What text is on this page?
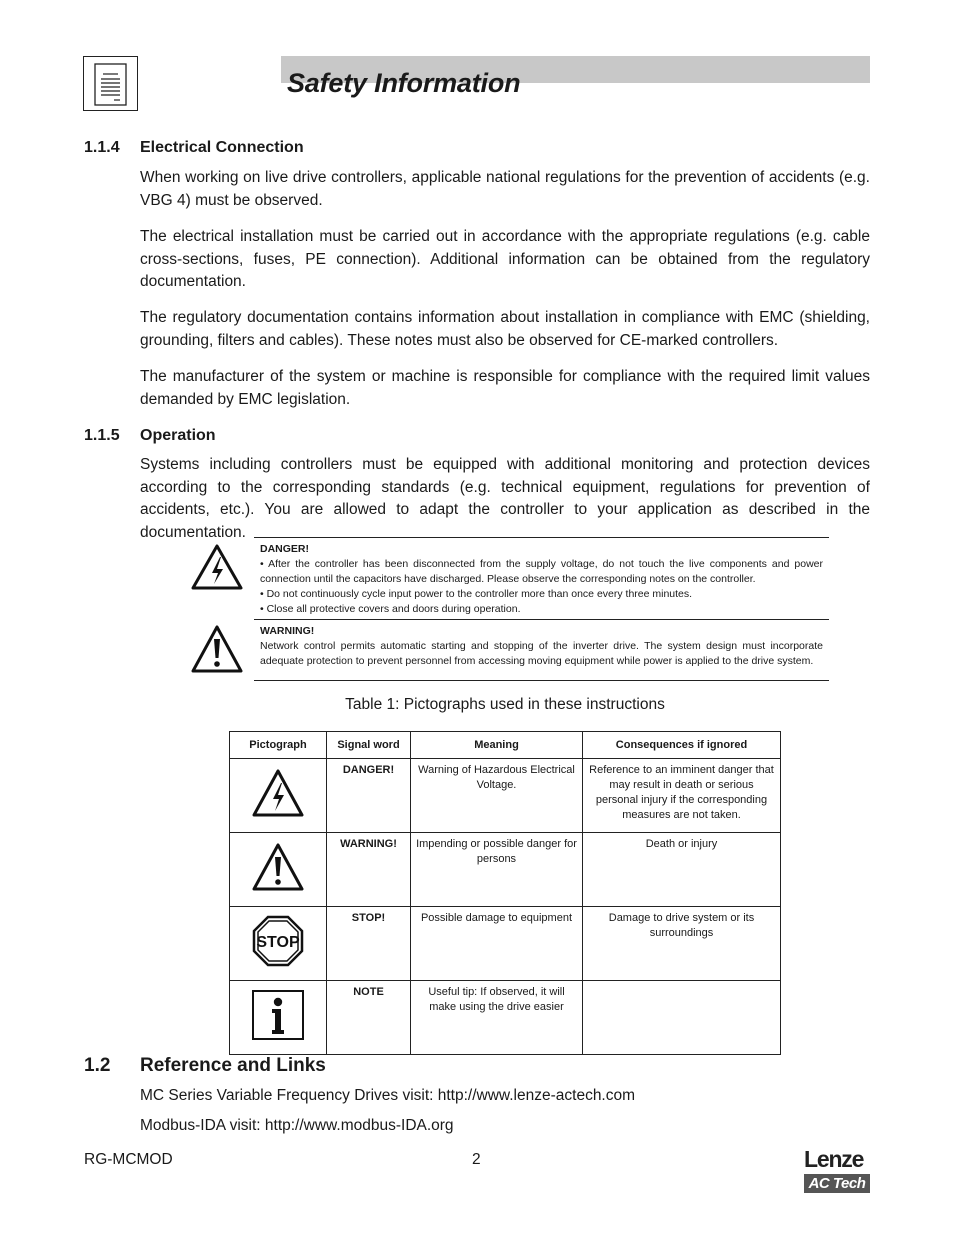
Safety Information
1.1.4 Electrical Connection
When working on live drive controllers, applicable national regulations for the prevention of accidents (e.g. VBG 4) must be observed.
The electrical installation must be carried out in accordance with the appropriate regulations (e.g. cable cross-sections, fuses, PE connection). Additional information can be obtained from the regulatory documentation.
The regulatory documentation contains information about installation in compliance with EMC (shielding, grounding, filters and cables). These notes must also be observed for CE-marked controllers.
The manufacturer of the system or machine is responsible for compliance with the required limit values demanded by EMC legislation.
1.1.5 Operation
Systems including controllers must be equipped with additional monitoring and protection devices according to the corresponding standards (e.g. technical equipment, regulations for prevention of accidents, etc.). You are allowed to adapt the controller to your application as described in the documentation.
DANGER!
• After the controller has been disconnected from the supply voltage, do not touch the live components and power connection until the capacitors have discharged. Please observe the corresponding notes on the controller.
• Do not continuously cycle input power to the controller more than once every three minutes.
• Close all protective covers and doors during operation.
WARNING!
Network control permits automatic starting and stopping of the inverter drive. The system design must incorporate adequate protection to prevent personnel from accessing moving equipment while power is applied to the drive system.
Table 1: Pictographs used in these instructions
Pictograph	Signal word	Meaning	Consequences if ignored
	DANGER!	Warning of Hazardous Electrical Voltage.	Reference to an imminent danger that may result in death or serious personal injury if the corresponding measures are not taken.
	WARNING!	Impending or possible danger for persons	Death or injury

STOP	STOP!	Possible damage to equipment	Damage to drive system or its surroundings
	NOTE	Useful tip: If observed, it will make using the drive easier	
1.2 Reference and Links
MC Series Variable Frequency Drives visit: http://www.lenze-actech.com
Modbus-IDA visit: http://www.modbus-IDA.org
RG-MCMOD	2	Lenze
AC Tech
